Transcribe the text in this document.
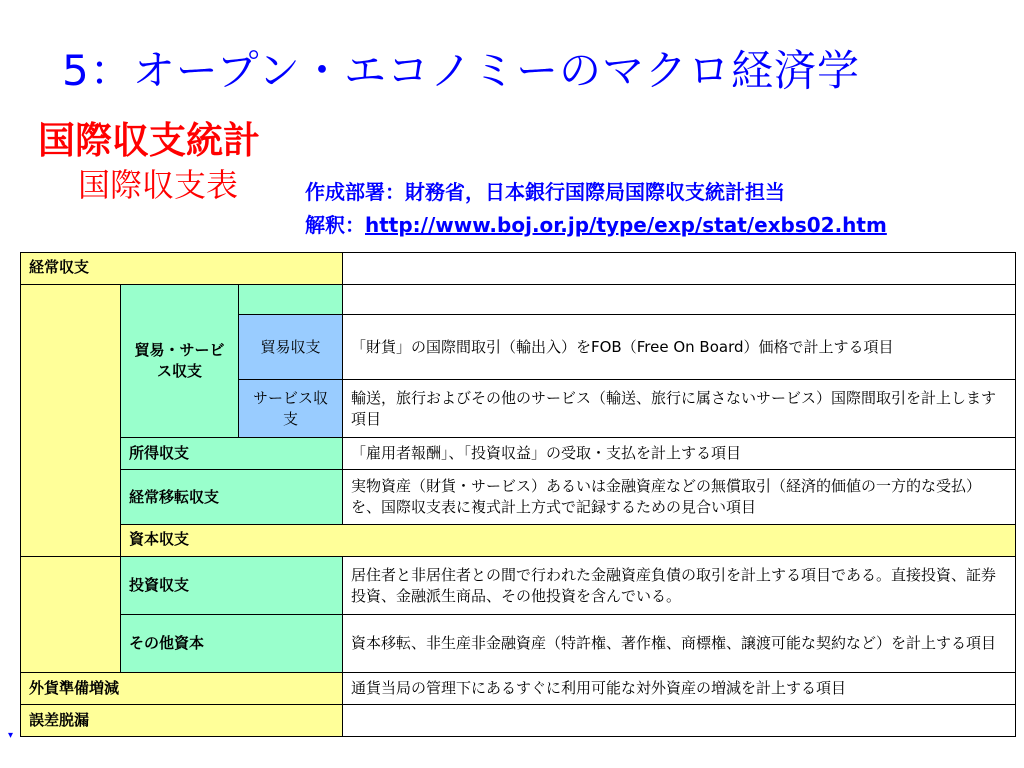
5：オープン・エコノミーのマクロ経済学
国際収支統計
国際収支表	作成部署：財務省，日本銀行国際局国際収支統計担当
解釈：http://www.boj.or.jp/type/exp/stat/exbs02.htm
経常収支				
	貿易・サービス収支			
		貿易収支	「財貨」の国際間取引（輸出入）をFOB（Free On Board）価格で計上する項目	
		サービス収支	輸送，旅行およびその他のサービス（輸送、旅行に属さないサービス）国際間取引を計上します項目	
	所得収支		「雇用者報酬」、「投資収益」の受取・支払を計上する項目	
	経常移転収支		実物資産（財貨・サービス）あるいは金融資産などの無償取引（経済的価値の一方的な受払）を、国際収支表に複式計上方式で記録するための見合い項目	
	資本収支			
	投資収支		居住者と非居住者との間で行われた金融資産負債の取引を計上する項目である。直接投資、証券投資、金融派生商品、その他投資を含んでいる。	
	その他資本		資本移転、非生産非金融資産（特許権、著作権、商標権、譲渡可能な契約など）を計上する項目	
外貨準備増減			通貨当局の管理下にあるすぐに利用可能な対外資産の増減を計上する項目	
誤差脱漏				
▾
